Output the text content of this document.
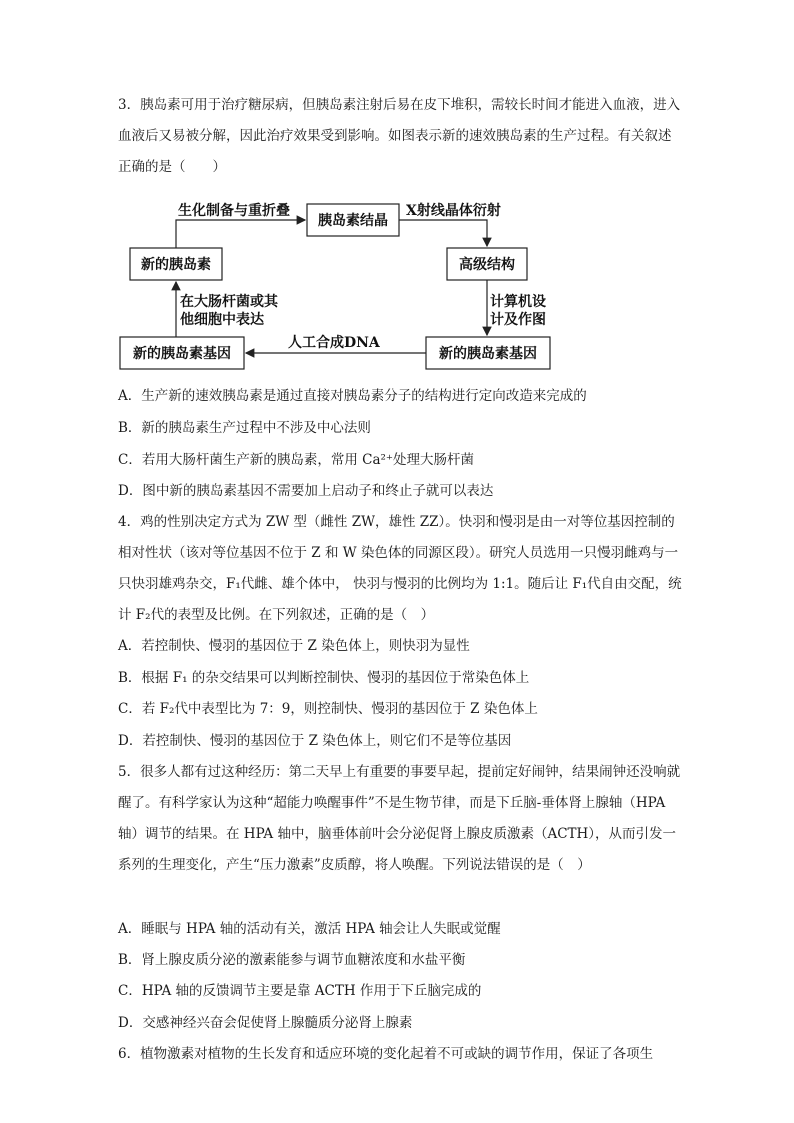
3．胰岛素可用于治疗糖尿病，但胰岛素注射后易在皮下堆积，需较长时间才能进入血液，进入血液后又易被分解，因此治疗效果受到影响。如图表示新的速效胰岛素的生产过程。有关叙述正确的是（　　）

胰岛素结晶
新的胰岛素	高级结构
新的胰岛素基因	新的胰岛素基因
生化制备与重折叠	X射线晶体衍射
在大肠杆菌或其
他细胞中表达
计算机设
计及作图
人工合成DNA

A．生产新的速效胰岛素是通过直接对胰岛素分子的结构进行定向改造来完成的

B．新的胰岛素生产过程中不涉及中心法则

C．若用大肠杆菌生产新的胰岛素，常用 Ca²⁺处理大肠杆菌

D．图中新的胰岛素基因不需要加上启动子和终止子就可以表达

4．鸡的性别决定方式为 ZW 型（雌性 ZW，雄性 ZZ）。快羽和慢羽是由一对等位基因控制的相对性状（该对等位基因不位于 Z 和 W 染色体的同源区段）。研究人员选用一只慢羽雌鸡与一只快羽雄鸡杂交，F₁代雌、雄个体中， 快羽与慢羽的比例均为 1:1。随后让 F₁代自由交配，统计 F₂代的表型及比例。在下列叙述，正确的是（　）

A．若控制快、慢羽的基因位于 Z 染色体上，则快羽为显性

B．根据 F₁ 的杂交结果可以判断控制快、慢羽的基因位于常染色体上

C．若 F₂代中表型比为 7：9，则控制快、慢羽的基因位于 Z 染色体上

D．若控制快、慢羽的基因位于 Z 染色体上，则它们不是等位基因

5．很多人都有过这种经历：第二天早上有重要的事要早起，提前定好闹钟，结果闹钟还没响就醒了。有科学家认为这种“超能力唤醒事件”不是生物节律，而是下丘脑-垂体肾上腺轴（HPA 轴）调节的结果。在 HPA 轴中，脑垂体前叶会分泌促肾上腺皮质激素（ACTH），从而引发一系列的生理变化，产生“压力激素”皮质醇，将人唤醒。下列说法错误的是（　）

A．睡眠与 HPA 轴的活动有关，激活 HPA 轴会让人失眠或觉醒

B．肾上腺皮质分泌的激素能参与调节血糖浓度和水盐平衡

C．HPA 轴的反馈调节主要是靠 ACTH 作用于下丘脑完成的

D．交感神经兴奋会促使肾上腺髓质分泌肾上腺素

6．植物激素对植物的生长发育和适应环境的变化起着不可或缺的调节作用，保证了各项生
